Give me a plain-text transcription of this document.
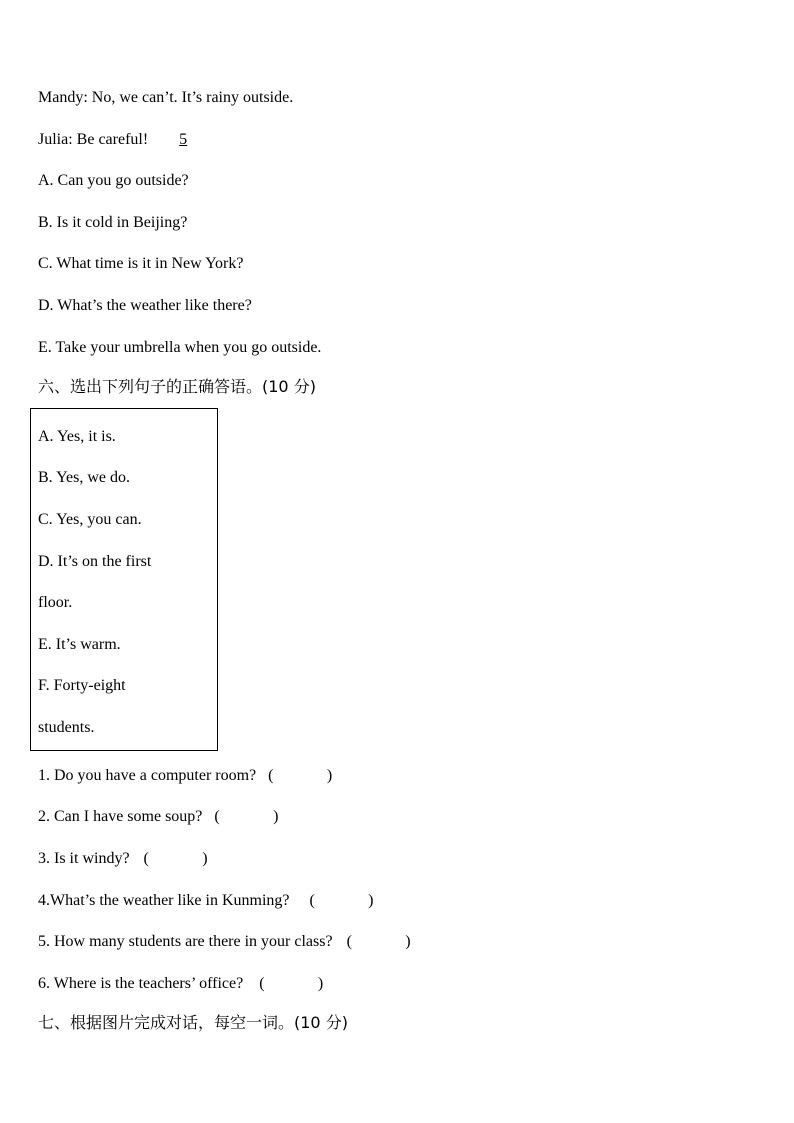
Mandy: No, we can’t. It’s rainy outside.
Julia: Be careful! 5
A. Can you go outside?
B. Is it cold in Beijing?
C. What time is it in New York?
D. What’s the weather like there?
E. Take your umbrella when you go outside.
六、选出下列句子的正确答语。(10 分)
A. Yes, it is.
B. Yes, we do.
C. Yes, you can.
D. It’s on the first
floor.
E. It’s warm.
F. Forty-eight
students.
1. Do you have a computer room? (	)
2. Can I have some soup? (	)
3. Is it windy? (	)
4.What’s the weather like in Kunming? (	)
5. How many students are there in your class? (	)
6. Where is the teachers’ office? (	)
七、根据图片完成对话，每空一词。(10 分)
